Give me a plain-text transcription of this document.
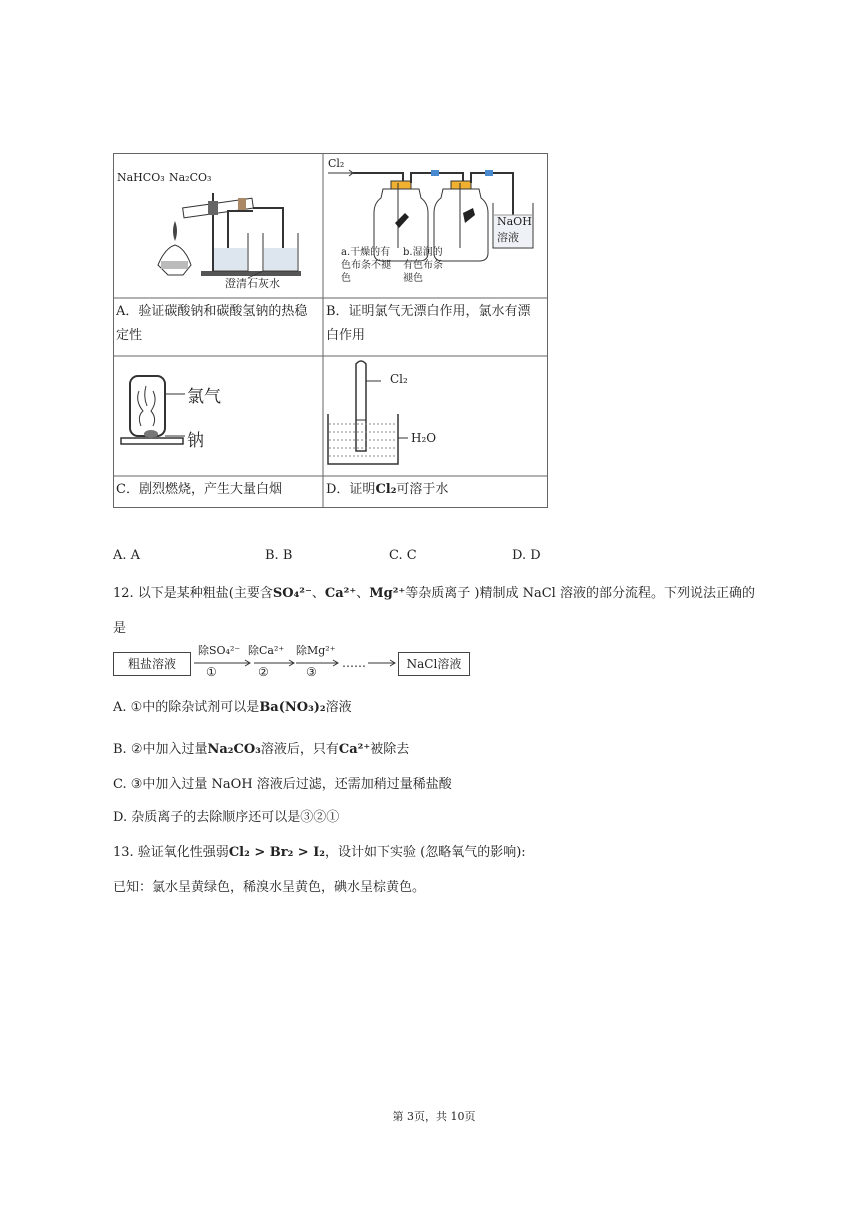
NaHCO₃ Na₂CO₃
澄清石灰水
A．验证碳酸钠和碳酸氢钠的热稳
定性
Cl₂
NaOH
溶液
a.干燥的有
色布条不褪
色
b.湿润的
有色布条
褪色
B．证明氯气无漂白作用，氯水有漂
白作用
氯气
钠
C．剧烈燃烧，产生大量白烟
Cl₂
H₂O
D．证明Cl₂可溶于水
A. A	B. B	C. C	D. D
12. 以下是某种粗盐(主要含SO₄²⁻、Ca²⁺、Mg²⁺等杂质离子 )精制成 NaCl 溶液的部分流程。下列说法正确的
是
粗盐溶液
除SO₄²⁻
①
除Ca²⁺
②
除Mg²⁺
③
……	NaCl溶液
A. ①中的除杂试剂可以是Ba(NO₃)₂溶液
B. ②中加入过量Na₂CO₃溶液后，只有Ca²⁺被除去
C. ③中加入过量 NaOH 溶液后过滤，还需加稍过量稀盐酸
D. 杂质离子的去除顺序还可以是③②①
13. 验证氧化性强弱Cl₂ > Br₂ > I₂，设计如下实验 (忽略氧气的影响):
已知：氯水呈黄绿色，稀溴水呈黄色，碘水呈棕黄色。
第 3页，共 10页
